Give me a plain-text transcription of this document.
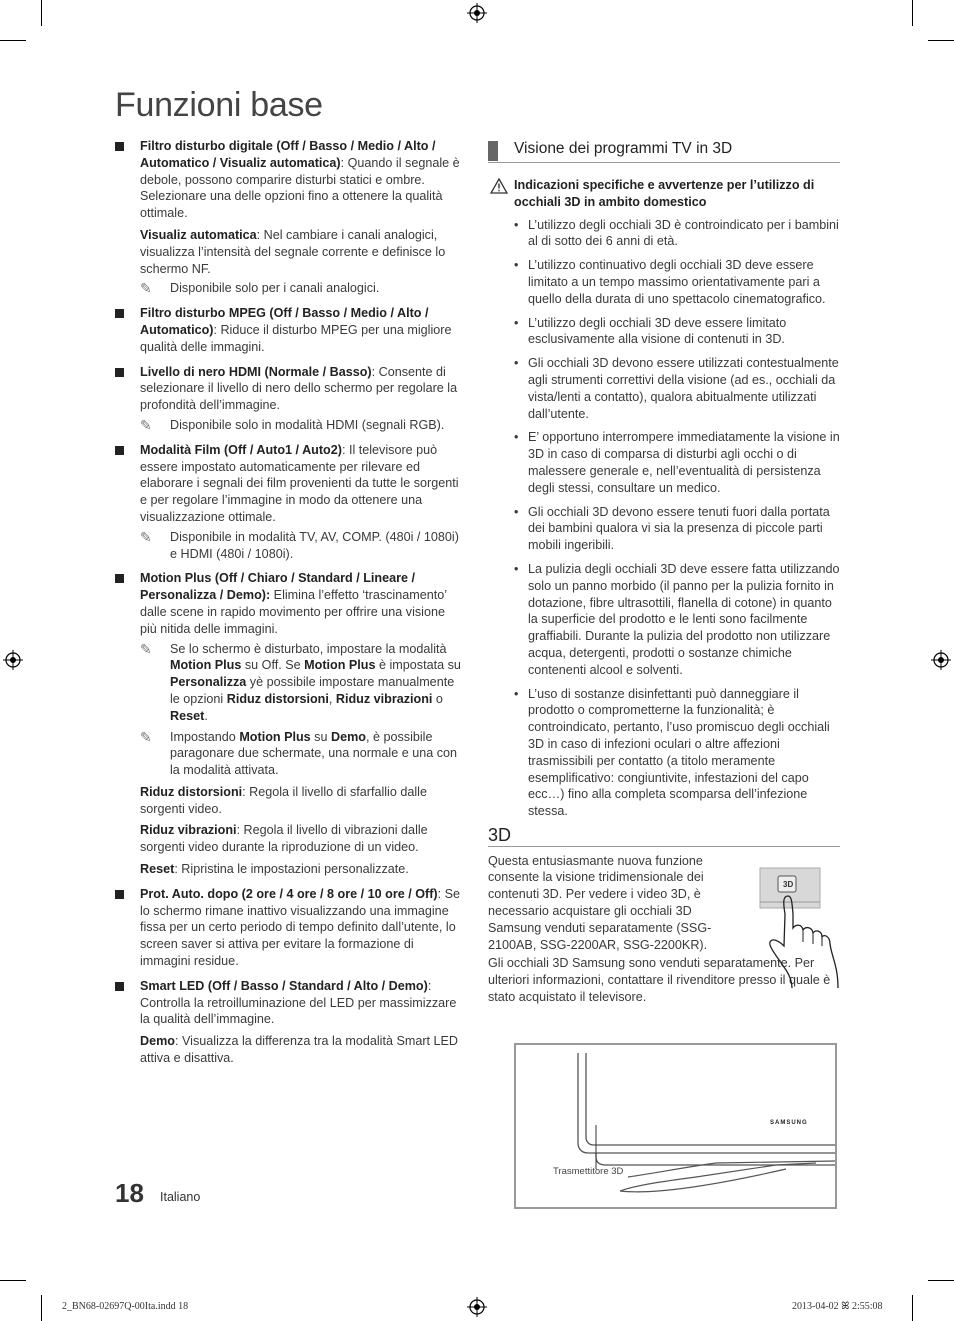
Funzioni base
Filtro disturbo digitale (Off / Basso / Medio / Alto / Automatico / Visualiz automatica): Quando il segnale è debole, possono comparire disturbi statici e ombre. Selezionare una delle opzioni fino a ottenere la qualità ottimale.
Visualiz automatica: Nel cambiare i canali analogici, visualizza l’intensità del segnale corrente e definisce lo schermo NF.
✎ Disponibile solo per i canali analogici.
Filtro disturbo MPEG (Off / Basso / Medio / Alto / Automatico): Riduce il disturbo MPEG per una migliore qualità delle immagini.
Livello di nero HDMI (Normale / Basso): Consente di selezionare il livello di nero dello schermo per regolare la profondità dell’immagine.
✎ Disponibile solo in modalità HDMI (segnali RGB).
Modalità Film (Off / Auto1 / Auto2): Il televisore può essere impostato automaticamente per rilevare ed elaborare i segnali dei film provenienti da tutte le sorgenti e per regolare l’immagine in modo da ottenere una visualizzazione ottimale.
✎ Disponibile in modalità TV, AV, COMP. (480i / 1080i) e HDMI (480i / 1080i).
Motion Plus (Off / Chiaro / Standard / Lineare / Personalizza / Demo): Elimina l’effetto ‘trascinamento’ dalle scene in rapido movimento per offrire una visione più nitida delle immagini.
✎ Se lo schermo è disturbato, impostare la modalità Motion Plus su Off. Se Motion Plus è impostata su Personalizza yè possibile impostare manualmente le opzioni Riduz distorsioni, Riduz vibrazioni o Reset.
✎ Impostando Motion Plus su Demo, è possibile paragonare due schermate, una normale e una con la modalità attivata.
Riduz distorsioni: Regola il livello di sfarfallio dalle sorgenti video.
Riduz vibrazioni: Regola il livello di vibrazioni dalle sorgenti video durante la riproduzione di un video.
Reset: Ripristina le impostazioni personalizzate.
Prot. Auto. dopo (2 ore / 4 ore / 8 ore / 10 ore / Off): Se lo schermo rimane inattivo visualizzando una immagine fissa per un certo periodo di tempo definito dall’utente, lo screen saver si attiva per evitare la formazione di immagini residue.
Smart LED (Off / Basso / Standard / Alto / Demo): Controlla la retroilluminazione del LED per massimizzare la qualità dell’immagine.
Demo: Visualizza la differenza tra la modalità Smart LED attiva e disattiva.
Visione dei programmi TV in 3D
Indicazioni specifiche e avvertenze per l’utilizzo di occhiali 3D in ambito domestico
• L’utilizzo degli occhiali 3D è controindicato per i bambini al di sotto dei 6 anni di età.
• L’utilizzo continuativo degli occhiali 3D deve essere limitato a un tempo massimo orientativamente pari a quello della durata di uno spettacolo cinematografico.
• L’utilizzo degli occhiali 3D deve essere limitato esclusivamente alla visione di contenuti in 3D.
• Gli occhiali 3D devono essere utilizzati contestualmente agli strumenti correttivi della visione (ad es., occhiali da vista/lenti a contatto), qualora abitualmente utilizzati dall’utente.
• E’ opportuno interrompere immediatamente la visione in 3D in caso di comparsa di disturbi agli occhi o di malessere generale e, nell’eventualità di persistenza degli stessi, consultare un medico.
• Gli occhiali 3D devono essere tenuti fuori dalla portata dei bambini qualora vi sia la presenza di piccole parti mobili ingeribili.
• La pulizia degli occhiali 3D deve essere fatta utilizzando solo un panno morbido (il panno per la pulizia fornito in dotazione, fibre ultrasottili, flanella di cotone) in quanto la superficie del prodotto e le lenti sono facilmente graffiabili. Durante la pulizia del prodotto non utilizzare acqua, detergenti, prodotti o sostanze chimiche contenenti alcool e solventi.
• L’uso di sostanze disinfettanti può danneggiare il prodotto o comprometterne la funzionalità; è controindicato, pertanto, l’uso promiscuo degli occhiali 3D in caso di infezioni oculari o altre affezioni trasmissibili per contatto (a titolo meramente esemplificativo: congiuntivite, infestazioni del capo ecc…) fino alla completa scomparsa dell’infezione stessa.
3D
Questa entusiasmante nuova funzione consente la visione tridimensionale dei contenuti 3D. Per vedere i video 3D, è necessario acquistare gli occhiali 3D Samsung venduti separatamente (SSG-2100AB, SSG-2200AR, SSG-2200KR).
Gli occhiali 3D Samsung sono venduti separatamente. Per ulteriori informazioni, contattare il rivenditore presso il quale è stato acquistato il televisore.
3D
SAMSUNG
Trasmettitore 3D
18 Italiano
2_BN68-02697Q-00Ita.indd 18	2013-04-02 ꕤ 2:55:08
